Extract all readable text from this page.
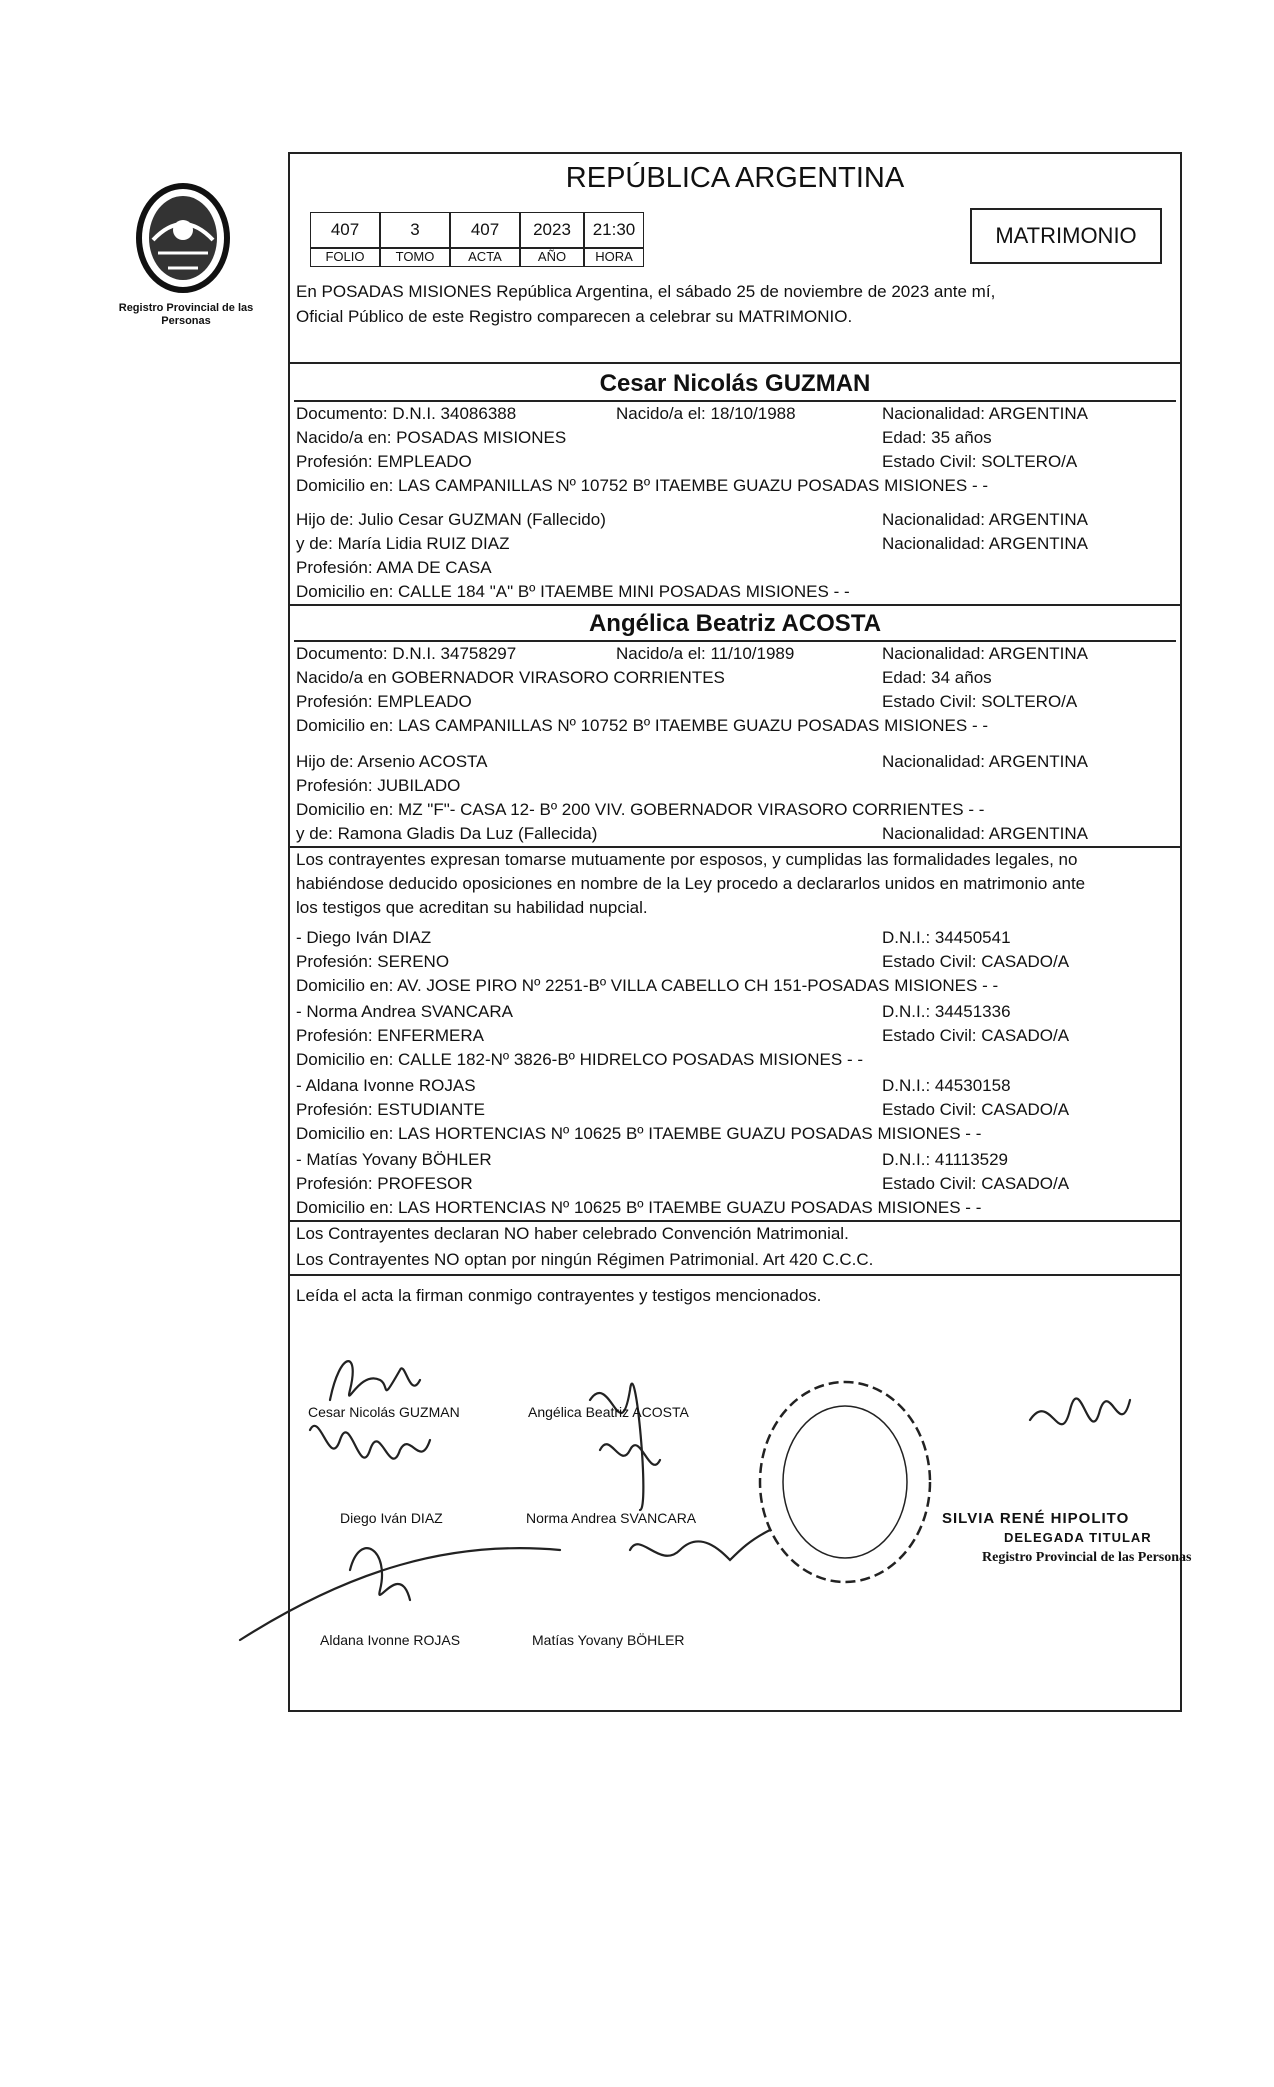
Registro Provincial de las Personas
REPÚBLICA ARGENTINA
407	3	407	2023	21:30
FOLIO	TOMO	ACTA	AÑO	HORA
MATRIMONIO
En POSADAS MISIONES República Argentina, el sábado 25 de noviembre de 2023 ante mí,
Oficial Público de este Registro comparecen a celebrar su MATRIMONIO.
Cesar Nicolás GUZMAN
Documento: D.N.I. 34086388	Nacido/a el: 18/10/1988	Nacionalidad: ARGENTINA
Nacido/a en: POSADAS MISIONES	Edad: 35 años
Profesión: EMPLEADO	Estado Civil: SOLTERO/A
Domicilio en: LAS CAMPANILLAS Nº 10752 Bº ITAEMBE GUAZU POSADAS MISIONES - -
Hijo de: Julio Cesar GUZMAN (Fallecido)	Nacionalidad: ARGENTINA
y de: María Lidia RUIZ DIAZ	Nacionalidad: ARGENTINA
Profesión: AMA DE CASA
Domicilio en: CALLE 184 "A" Bº ITAEMBE MINI POSADAS MISIONES - -
Angélica Beatriz ACOSTA
Documento: D.N.I. 34758297	Nacido/a el: 11/10/1989	Nacionalidad: ARGENTINA
Nacido/a en GOBERNADOR VIRASORO CORRIENTES	Edad: 34 años
Profesión: EMPLEADO	Estado Civil: SOLTERO/A
Domicilio en: LAS CAMPANILLAS Nº 10752 Bº ITAEMBE GUAZU POSADAS MISIONES - -
Hijo de: Arsenio ACOSTA	Nacionalidad: ARGENTINA
Profesión: JUBILADO
Domicilio en: MZ "F"- CASA 12- Bº 200 VIV. GOBERNADOR VIRASORO CORRIENTES - -
y de: Ramona Gladis Da Luz (Fallecida)	Nacionalidad: ARGENTINA
Los contrayentes expresan tomarse mutuamente por esposos, y cumplidas las formalidades legales, no
habiéndose deducido oposiciones en nombre de la Ley procedo a declararlos unidos en matrimonio ante
los testigos que acreditan su habilidad nupcial.
- Diego Iván DIAZ	D.N.I.: 34450541
Profesión: SERENO	Estado Civil: CASADO/A
Domicilio en: AV. JOSE PIRO Nº 2251-Bº VILLA CABELLO CH 151-POSADAS MISIONES - -
- Norma Andrea SVANCARA	D.N.I.: 34451336
Profesión: ENFERMERA	Estado Civil: CASADO/A
Domicilio en: CALLE 182-Nº 3826-Bº HIDRELCO POSADAS MISIONES - -
- Aldana Ivonne ROJAS	D.N.I.: 44530158
Profesión: ESTUDIANTE	Estado Civil: CASADO/A
Domicilio en: LAS HORTENCIAS Nº 10625 Bº ITAEMBE GUAZU POSADAS MISIONES - -
- Matías Yovany BÖHLER	D.N.I.: 41113529
Profesión: PROFESOR	Estado Civil: CASADO/A
Domicilio en: LAS HORTENCIAS Nº 10625 Bº ITAEMBE GUAZU POSADAS MISIONES - -
Los Contrayentes declaran NO haber celebrado Convención Matrimonial.
Los Contrayentes NO optan por ningún Régimen Patrimonial. Art 420 C.C.C.
Leída el acta la firman conmigo contrayentes y testigos mencionados.
Cesar Nicolás GUZMAN	Angélica Beatriz ACOSTA
Diego Iván DIAZ	Norma Andrea SVANCARA
Aldana Ivonne ROJAS	Matías Yovany BÖHLER
SILVIA RENÉ HIPOLITO
DELEGADA TITULAR
Registro Provincial de las Personas
